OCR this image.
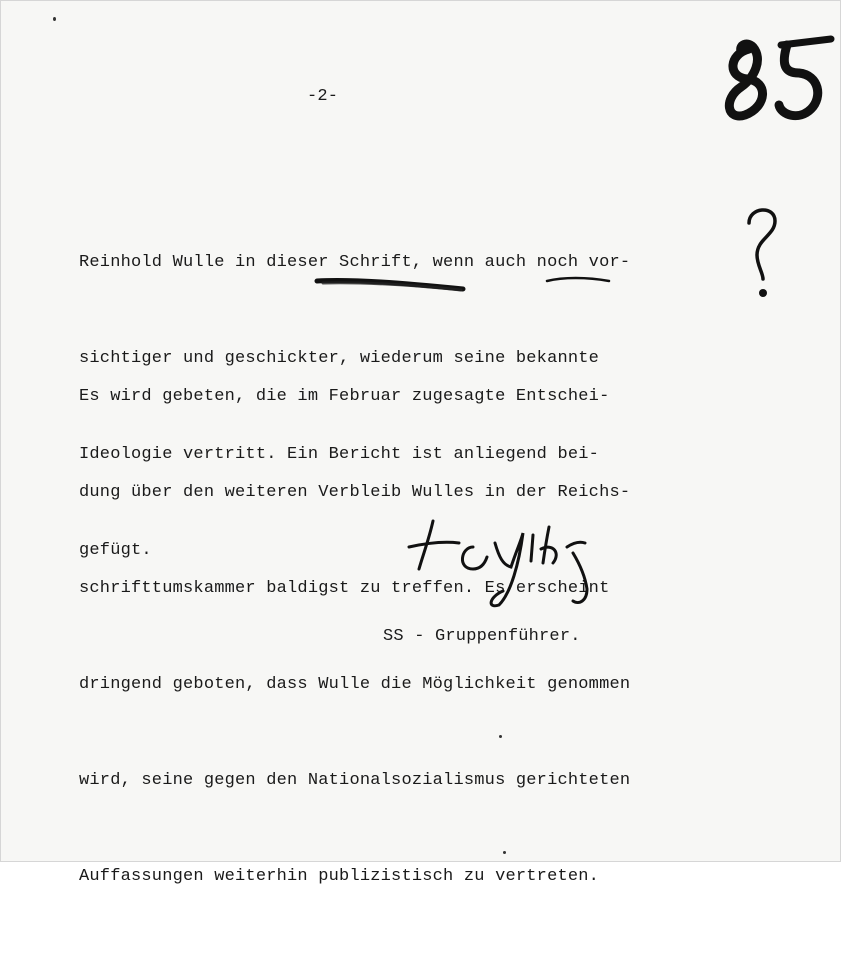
-2-

Reinhold Wulle in dieser Schrift, wenn auch noch vor-

sichtiger und geschickter, wiederum seine bekannte

Ideologie vertritt. Ein Bericht ist anliegend bei-

gefügt.

Es wird gebeten, die im Februar zugesagte Entschei-

dung über den weiteren Verbleib Wulles in der Reichs-

schrifttumskammer baldigst zu treffen. Es erscheint

dringend geboten, dass Wulle die Möglichkeit genommen

wird, seine gegen den Nationalsozialismus gerichteten

Auffassungen weiterhin publizistisch zu vertreten.

SS - Gruppenführer.
